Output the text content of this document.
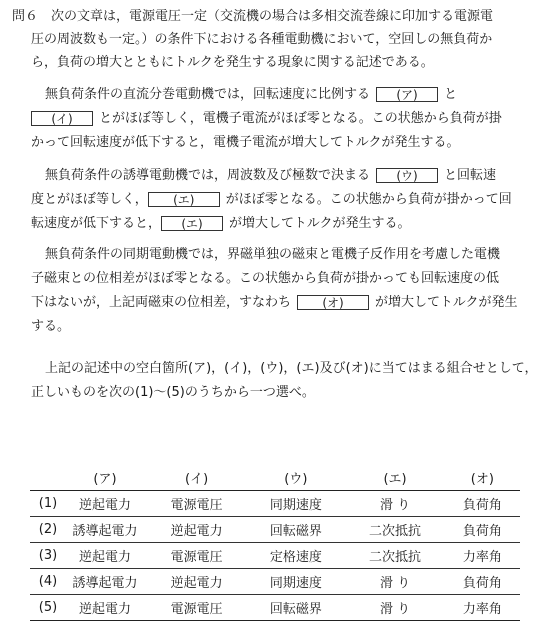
問６　次の文章は，電源電圧一定（交流機の場合は多相交流巻線に印加する電源電
圧の周波数も一定。）の条件下における各種電動機において，空回しの無負荷か
ら，負荷の増大とともにトルクを発生する現象に関する記述である。
無負荷条件の直流分巻電動機では，回転速度に比例する (ア) と
(イ) とがほぼ等しく，電機子電流がほぼ零となる。この状態から負荷が掛
かって回転速度が低下すると，電機子電流が増大してトルクが発生する。
無負荷条件の誘導電動機では，周波数及び極数で決まる (ウ) と回転速
度とがほぼ等しく， (エ) がほぼ零となる。この状態から負荷が掛かって回
転速度が低下すると， (エ) が増大してトルクが発生する。
無負荷条件の同期電動機では，界磁単独の磁束と電機子反作用を考慮した電機
子磁束との位相差がほぼ零となる。この状態から負荷が掛かっても回転速度の低
下はないが，上記両磁束の位相差，すなわち	(オ) が増大してトルクが発生
する。
上記の記述中の空白箇所(ア)，(イ)，(ウ)，(エ)及び(オ)に当てはまる組合せとして，
正しいものを次の(1)～(5)のうちから一つ選べ。
	(ア)	(イ)	(ウ)	(エ)	(オ)
(1)	逆起電力	電源電圧	同期速度	滑 り	負荷角
(2)	誘導起電力	逆起電力	回転磁界	二次抵抗	負荷角
(3)	逆起電力	電源電圧	定格速度	二次抵抗	力率角
(4)	誘導起電力	逆起電力	同期速度	滑 り	負荷角
(5)	逆起電力	電源電圧	回転磁界	滑 り	力率角
